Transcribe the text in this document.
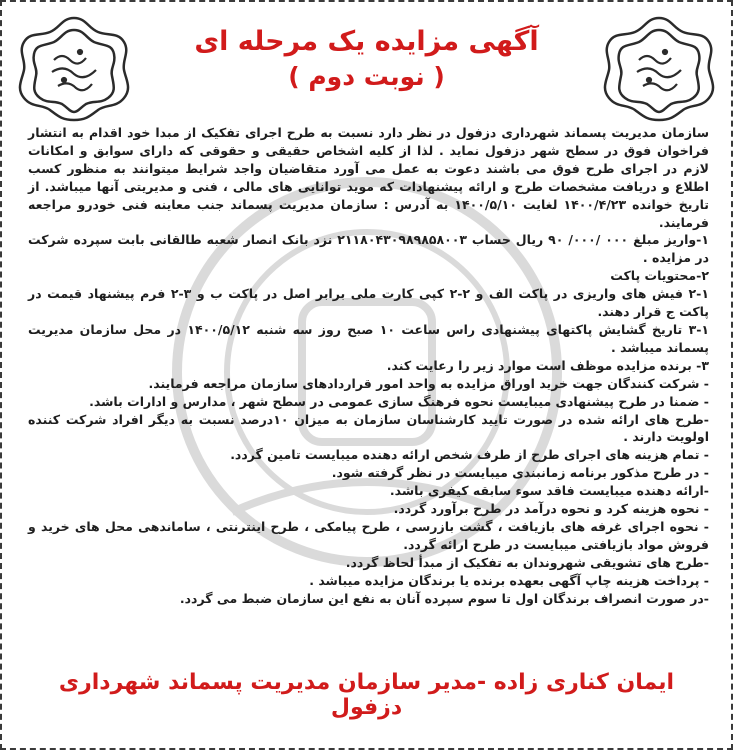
آگهی مزایده یک مرحله ای
( نوبت دوم )

سازمان مدیریت پسماند شهرداری دزفول در نظر دارد نسبت به طرح اجرای تفکیک از مبدا خود اقدام به انتشار فراخوان فوق در سطح شهر دزفول نماید . لذا از کلیه اشخاص حقیقی و حقوقی که دارای سوابق و امکانات لازم در اجرای طرح فوق می باشند دعوت به عمل می آورد متقاضیان واجد شرایط میتوانند به منظور کسب اطلاع و دریافت مشخصات طرح و ارائه پیشنهادات که موید توانایی های مالی ، فنی و مدیریتی آنها میباشد. از تاریخ خوانده ۱۴۰۰/۴/۲۳ لغایت ۱۴۰۰/۵/۱۰ به آدرس : سازمان مدیریت پسماند جنب معاینه فنی خودرو مراجعه فرمایند.

۱-واریز مبلغ ۰۰۰ /۰۰۰/ ۹۰ ریال حساب ۲۱۱۸۰۴۳۰۹۸۹۸۵۸۰۰۳ نزد بانک انصار شعبه طالقانی بابت سپرده شرکت در مزایده .

۲-محتویات پاکت

۲-۱ فیش های واریزی در پاکت الف و ۲-۲ کپی کارت ملی برابر اصل در پاکت ب و ۳-۲ فرم پیشنهاد قیمت در پاکت ج قرار دهند.

۳-۱ تاریخ گشایش پاکتهای پیشنهادی راس ساعت ۱۰ صبح روز سه شنبه ۱۴۰۰/۵/۱۲ در محل سازمان مدیریت پسماند میباشد .

۳- برنده مزایده موظف است موارد زیر را رعایت کند.

- شرکت کنندگان جهت خرید اوراق مزایده به واحد امور قراردادهای سازمان مراجعه فرمایند.

- ضمنا در طرح پیشنهادی میبایست نحوه فرهنگ سازی عمومی در سطح شهر ، مدارس و ادارات باشد.

-طرح های ارائه شده در صورت تایید کارشناسان سازمان به میزان ۱۰درصد نسبت به دیگر افراد شرکت کننده اولویت دارند .

- تمام هزینه های اجرای طرح از طرف شخص ارائه دهنده میبایست تامین گردد.

- در طرح مذکور برنامه زمانبندی میبایست در نظر گرفته شود.

-ارائه دهنده میبایست فاقد سوء سابقه کیفری باشد.

- نحوه هزینه کرد و نحوه درآمد در طرح برآورد گردد.

- نحوه اجرای غرفه های بازیافت ، گشت بازرسی ، طرح پیامکی ، طرح اینترنتی ، ساماندهی محل های خرید و فروش مواد بازیافتی میبایست در طرح ارائه گردد.

-طرح های تشویقی شهروندان به تفکیک از مبدأ لحاظ گردد.

- پرداخت هزینه چاپ آگهی بعهده برنده یا برندگان مزایده میباشد .

-در صورت انصراف برندگان اول تا سوم سپرده آنان به نفع این سازمان ضبط می گردد.

ایمان کناری زاده -مدیر سازمان مدیریت پسماند شهرداری دزفول
